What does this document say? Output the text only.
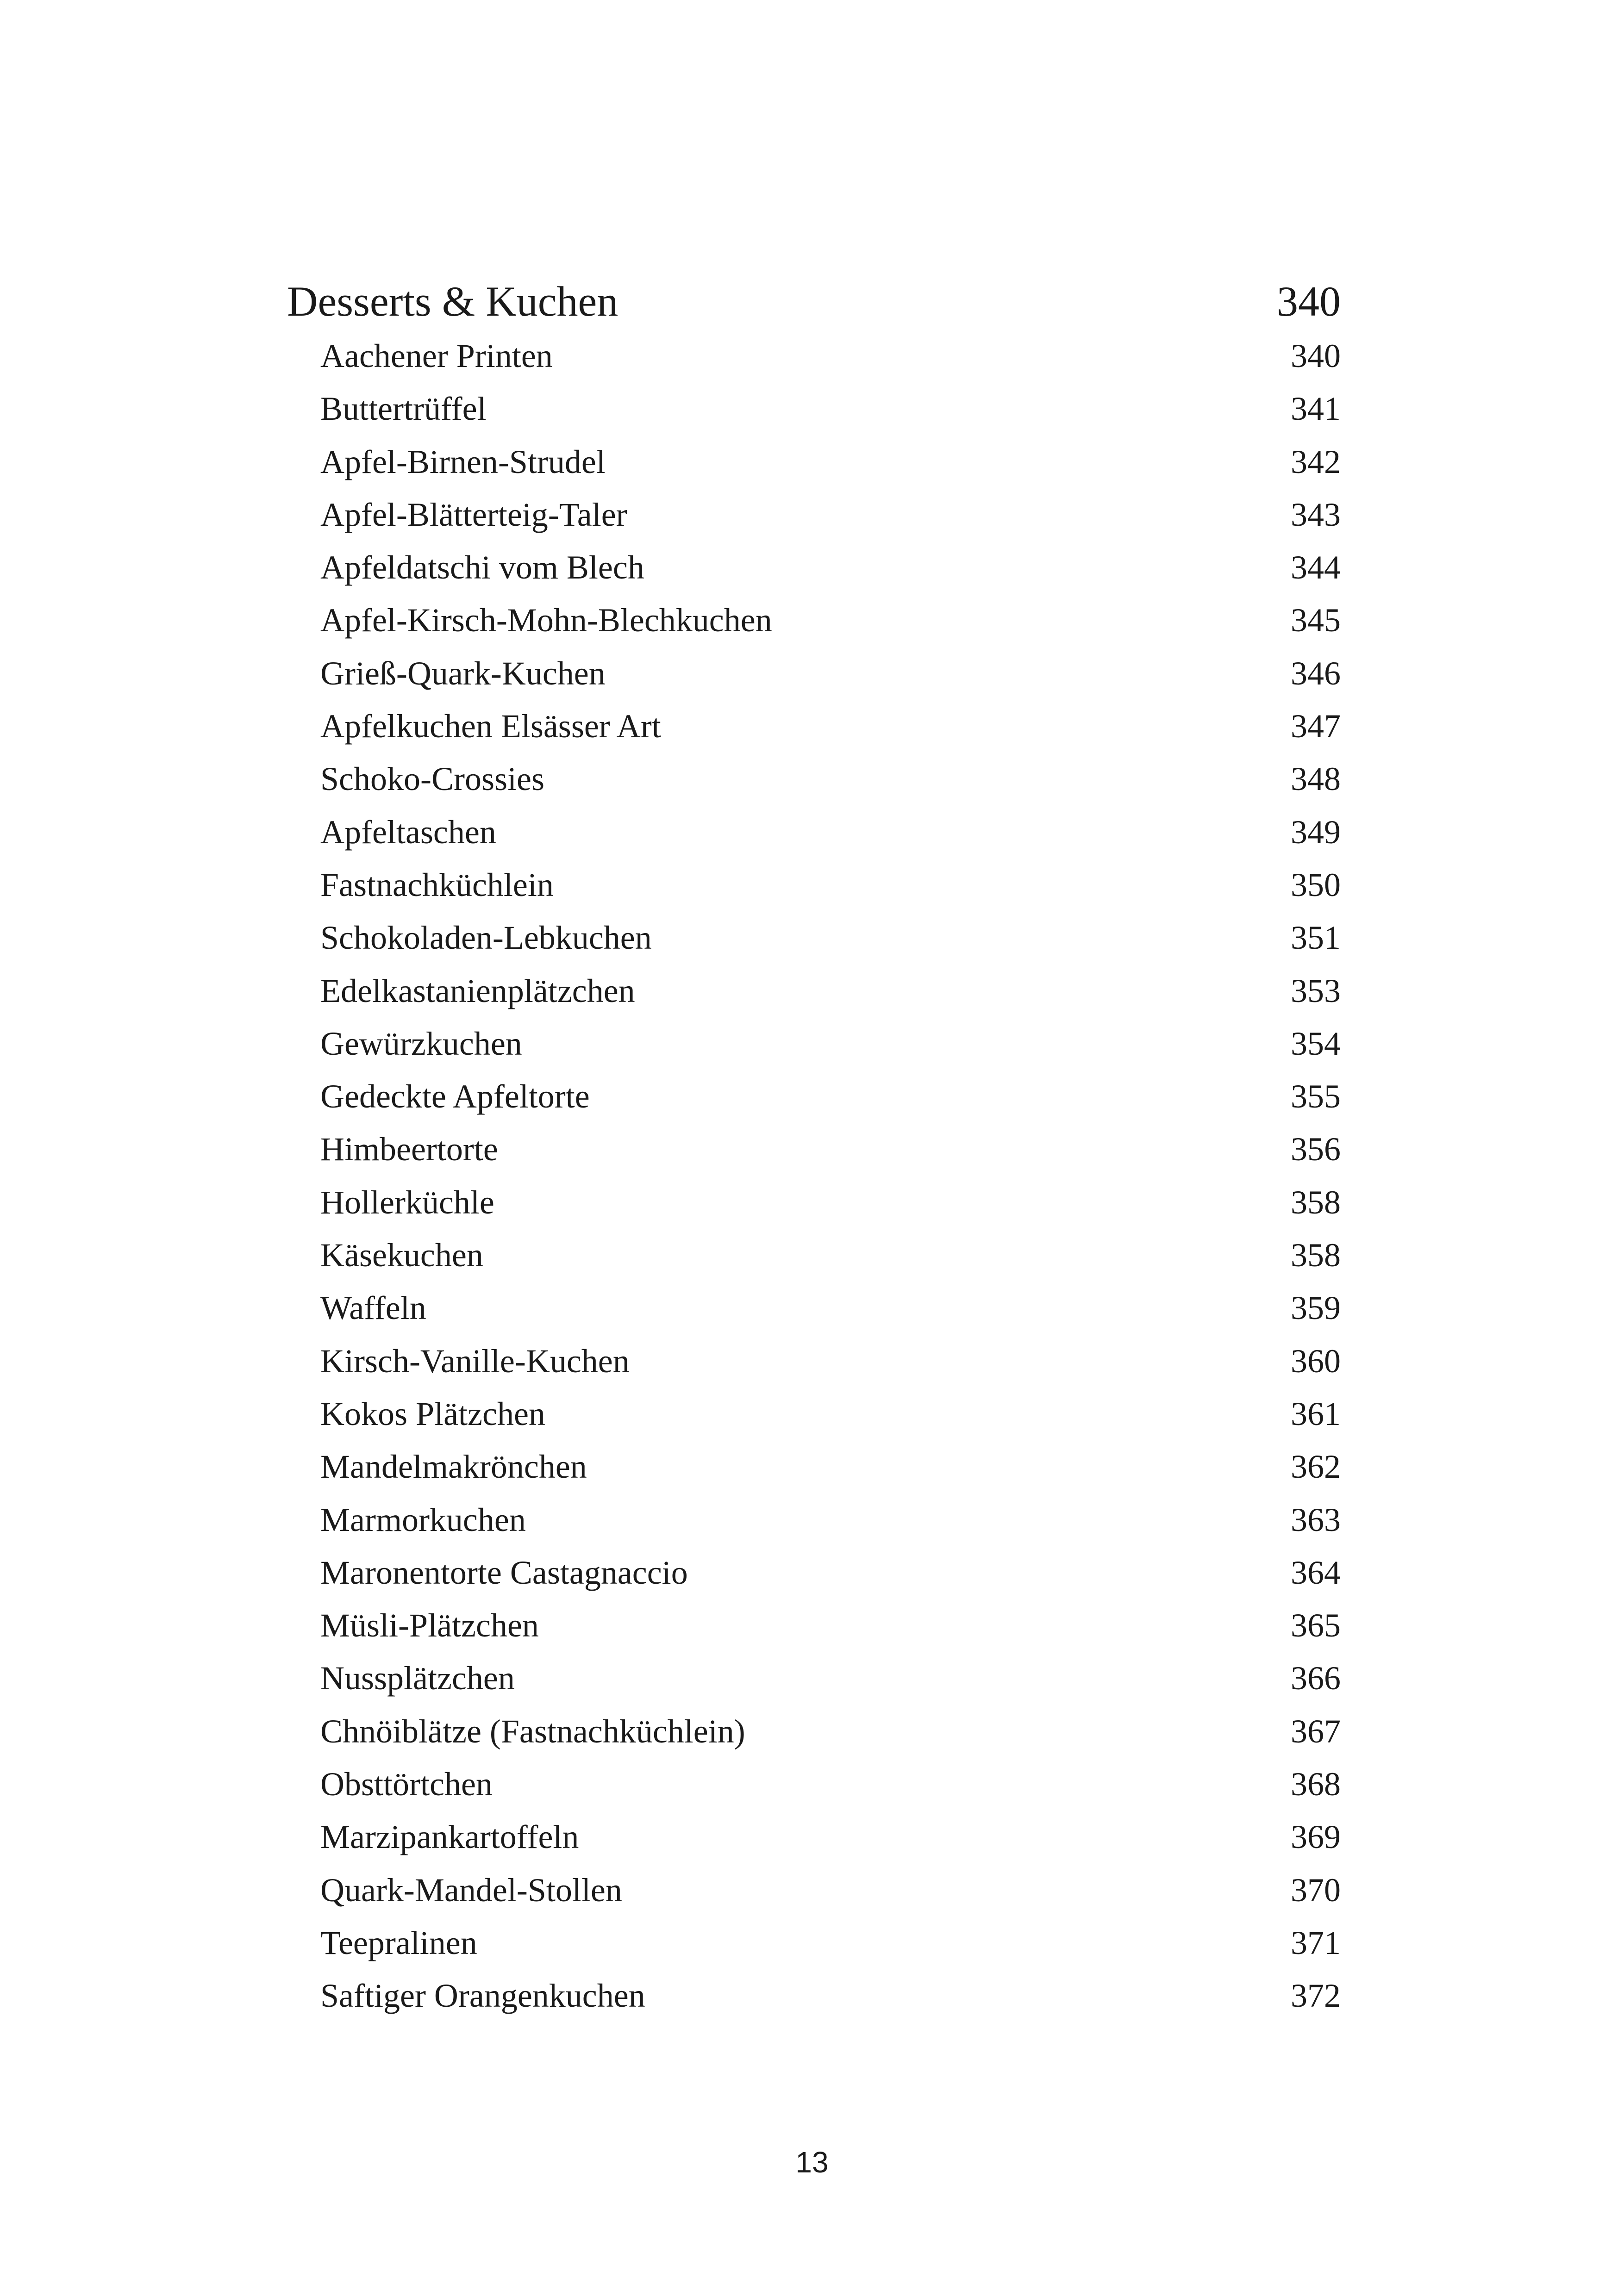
Desserts & Kuchen	340
Aachener Printen	340
Buttertrüffel	341
Apfel-Birnen-Strudel	342
Apfel-Blätterteig-Taler	343
Apfeldatschi vom Blech	344
Apfel-Kirsch-Mohn-Blechkuchen	345
Grieß-Quark-Kuchen	346
Apfelkuchen Elsässer Art	347
Schoko-Crossies	348
Apfeltaschen	349
Fastnachküchlein	350
Schokoladen-Lebkuchen	351
Edelkastanienplätzchen	353
Gewürzkuchen	354
Gedeckte Apfeltorte	355
Himbeertorte	356
Hollerküchle	358
Käsekuchen	358
Waffeln	359
Kirsch-Vanille-Kuchen	360
Kokos Plätzchen	361
Mandelmakrönchen	362
Marmorkuchen	363
Maronentorte Castagnaccio	364
Müsli-Plätzchen	365
Nussplätzchen	366
Chnöiblätze (Fastnachküchlein)	367
Obsttörtchen	368
Marzipankartoffeln	369
Quark-Mandel-Stollen	370
Teepralinen	371
Saftiger Orangenkuchen	372
13
